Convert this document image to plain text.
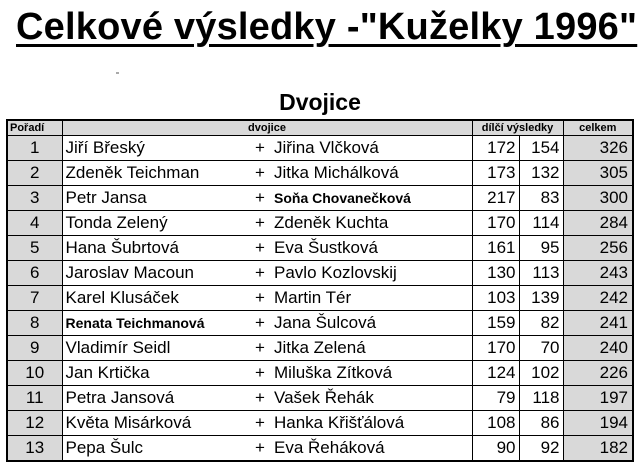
Celkové výsledky -"Kuželky 1996"
Dvojice
Pořadí	dvojice			dílčí výsledky		celkem
1	Jiří Břeský	+	Jiřina Vlčková	172	154	326
2	Zdeněk Teichman	+	Jitka Michálková	173	132	305
3	Petr Jansa	+	Soňa Chovanečková	217	83	300
4	Tonda Zelený	+	Zdeněk Kuchta	170	114	284
5	Hana Šubrtová	+	Eva Šustková	161	95	256
6	Jaroslav Macoun	+	Pavlo Kozlovskij	130	113	243
7	Karel Klusáček	+	Martin Tér	103	139	242
8	Renata Teichmanová	+	Jana Šulcová	159	82	241
9	Vladimír Seidl	+	Jitka Zelená	170	70	240
10	Jan Krtička	+	Miluška Zítková	124	102	226
11	Petra Jansová	+	Vašek Řehák	79	118	197
12	Květa Misárková	+	Hanka Křišťálová	108	86	194
13	Pepa Šulc	+	Eva Řeháková	90	92	182
